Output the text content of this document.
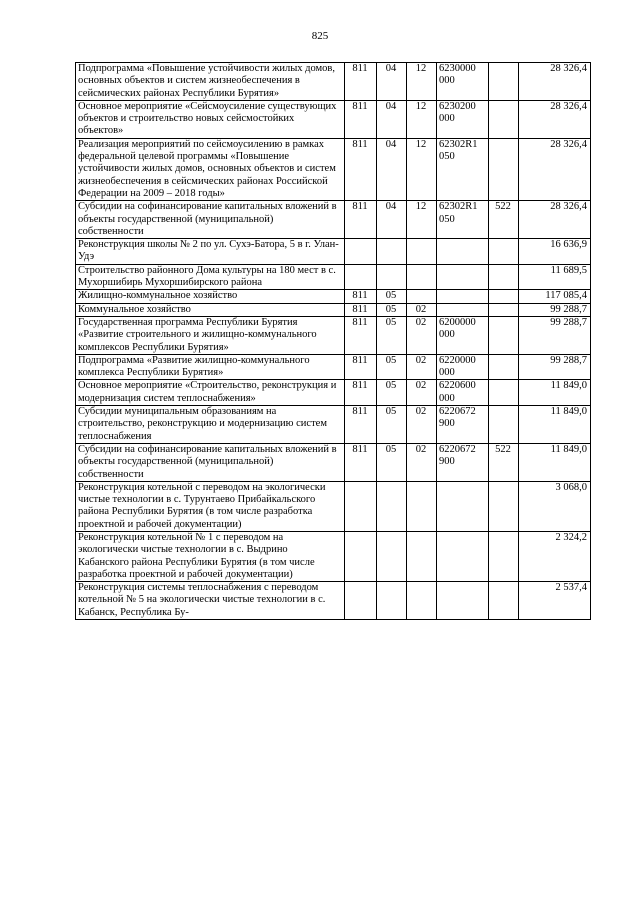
825
Подпрограмма «Повышение устойчивости жилых домов, основных объектов и систем жизнеобеспечения в сейсмических районах Республики Бурятия»	811	04	12	6230000 000		28 326,4
Основное мероприятие «Сейсмоусиление существующих объектов и строительство новых сейсмостойких объектов»	811	04	12	6230200 000		28 326,4
Реализация мероприятий по сейсмоусилению в рамках федеральной целевой программы «Повышение устойчивости жилых домов, основных объектов и систем жизнеобеспечения в сейсмических районах Российской Федерации на 2009 – 2018 годы»	811	04	12	62302R1 050		28 326,4
Субсидии на софинансирование капитальных вложений в объекты государственной (муниципальной) собственности	811	04	12	62302R1 050	522	28 326,4
Реконструкция школы № 2 по ул. Сухэ-Батора, 5 в г. Улан-Удэ						16 636,9
Строительство районного Дома культуры на 180 мест в с. Мухоршибирь Мухоршибирского района						11 689,5
Жилищно-коммунальное хозяйство	811	05				117 085,4
Коммунальное хозяйство	811	05	02			99 288,7
Государственная программа Республики Бурятия «Развитие строительного и жилищно-коммунального комплексов Республики Бурятия»	811	05	02	6200000 000		99 288,7
Подпрограмма «Развитие жилищно-коммунального комплекса Республики Бурятия»	811	05	02	6220000 000		99 288,7
Основное мероприятие «Строительство, реконструкция и модернизация систем теплоснабжения»	811	05	02	6220600 000		11 849,0
Субсидии муниципальным образованиям на строительство, реконструкцию и модернизацию систем теплоснабжения	811	05	02	6220672 900		11 849,0
Субсидии на софинансирование капитальных вложений в объекты государственной (муниципальной) собственности	811	05	02	6220672 900	522	11 849,0
Реконструкция котельной с переводом на экологически чистые технологии в с. Турунтаево Прибайкальского района Республики Бурятия (в том числе разработка проектной и рабочей документации)						3 068,0
Реконструкция котельной № 1 с переводом на экологически чистые технологии в с. Выдрино Кабанского района Республики Бурятия (в том числе разработка проектной и рабочей документации)						2 324,2
Реконструкция системы теплоснабжения с переводом котельной № 5 на экологически чистые технологии в с. Кабанск, Республика Бу-						2 537,4
